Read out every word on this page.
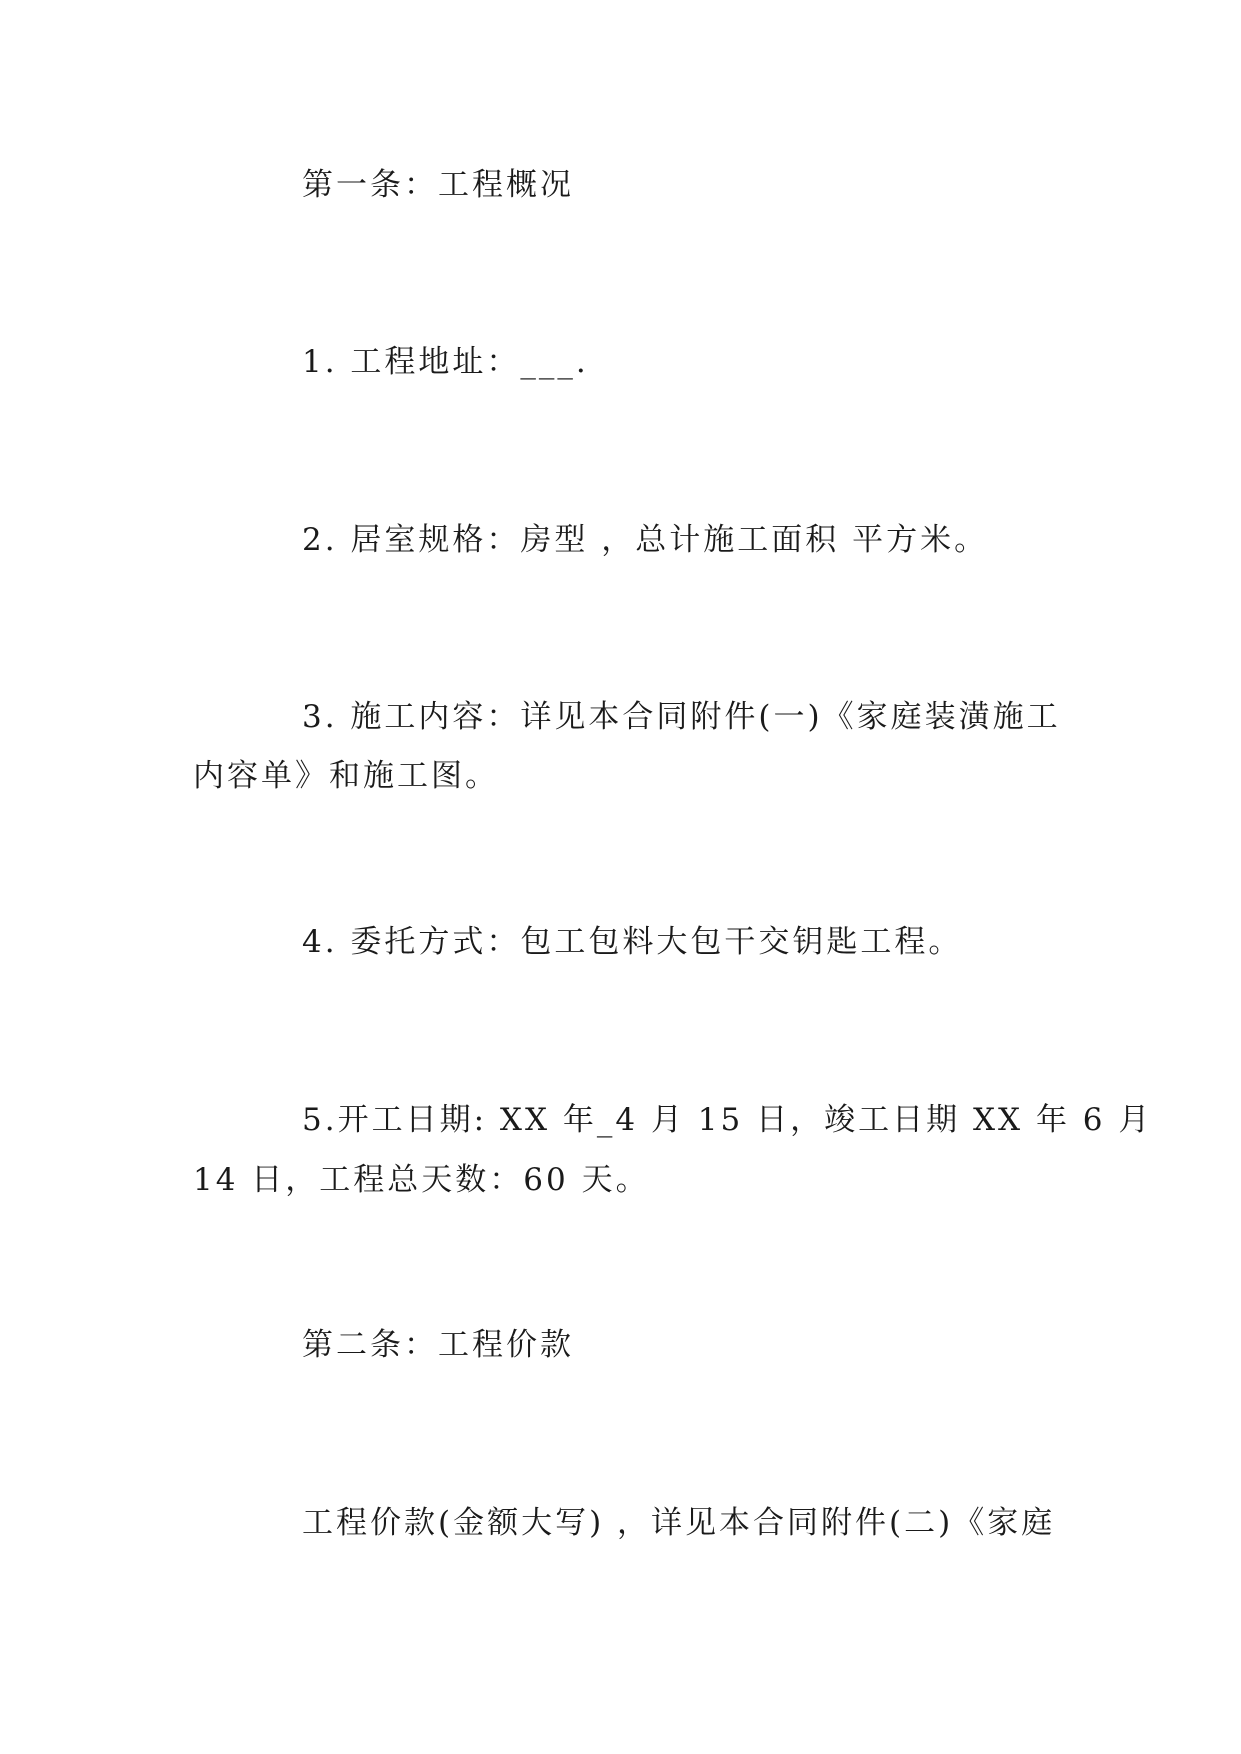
第一条：工程概况
1. 工程地址：___.
2. 居室规格：房型 ，总计施工面积 平方米。
3. 施工内容：详见本合同附件(一)《家庭装潢施工
内容单》和施工图。
4. 委托方式：包工包料大包干交钥匙工程。
5.开工日期: XX 年_4 月 15 日，竣工日期 XX 年 6 月
14 日，工程总天数：60 天。
第二条：工程价款
工程价款(金额大写) ，详见本合同附件(二)《家庭
